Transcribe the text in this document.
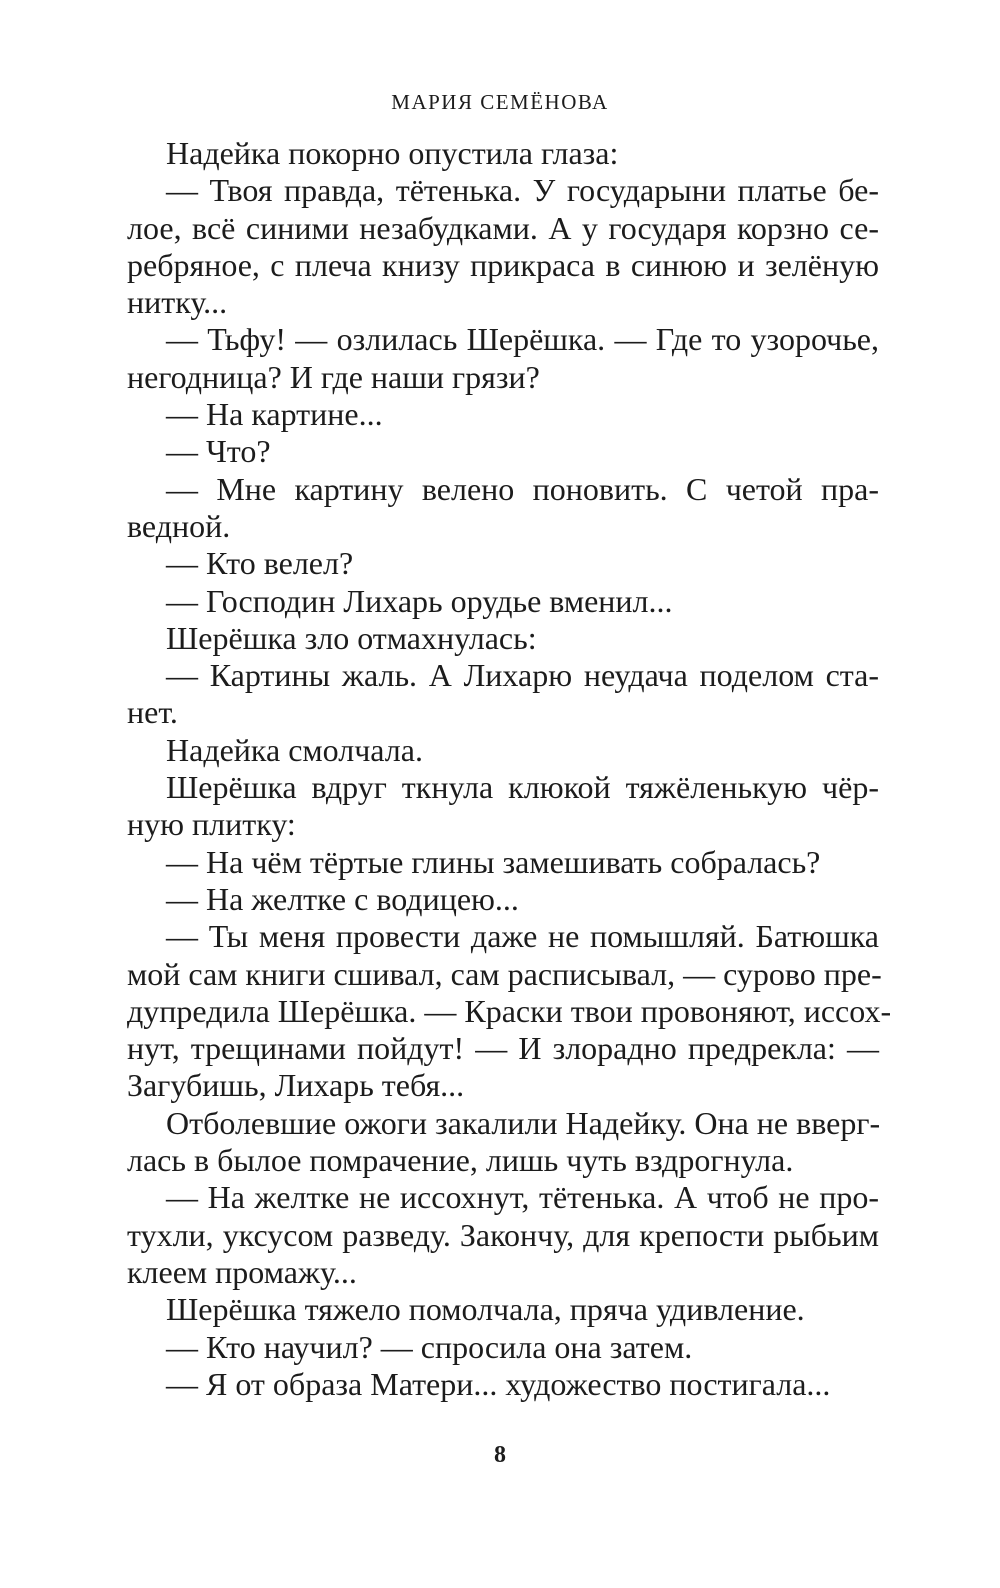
МАРИЯ СЕМЁНОВА
Надейка покорно опустила глаза:
— Твоя правда, тётенька. У государыни платье бе-
лое, всё синими незабудками. А у государя корзно се-
ребряное, с плеча книзу прикраса в синюю и зелёную
нитку...
— Тьфу! — озлилась Шерёшка. — Где то узорочье,
негодница? И где наши грязи?
— На картине...
— Что?
— Мне картину велено поновить. С четой пра-
ведной.
— Кто велел?
— Господин Лихарь орудье вменил...
Шерёшка зло отмахнулась:
— Картины жаль. А Лихарю неудача поделом ста-
нет.
Надейка смолчала.
Шерёшка вдруг ткнула клюкой тяжёленькую чёр-
ную плитку:
— На чём тёртые глины замешивать собралась?
— На желтке с водицею...
— Ты меня провести даже не помышляй. Батюшка
мой сам книги сшивал, сам расписывал, — сурово пре-
дупредила Шерёшка. — Краски твои провоняют, иссох-
нут, трещинами пойдут! — И злорадно предрекла: —
Загубишь, Лихарь тебя...
Отболевшие ожоги закалили Надейку. Она не вверг-
лась в былое помрачение, лишь чуть вздрогнула.
— На желтке не иссохнут, тётенька. А чтоб не про-
тухли, уксусом разведу. Закончу, для крепости рыбьим
клеем промажу...
Шерёшка тяжело помолчала, пряча удивление.
— Кто научил? — спросила она затем.
— Я от образа Матери... художество постигала...
8
